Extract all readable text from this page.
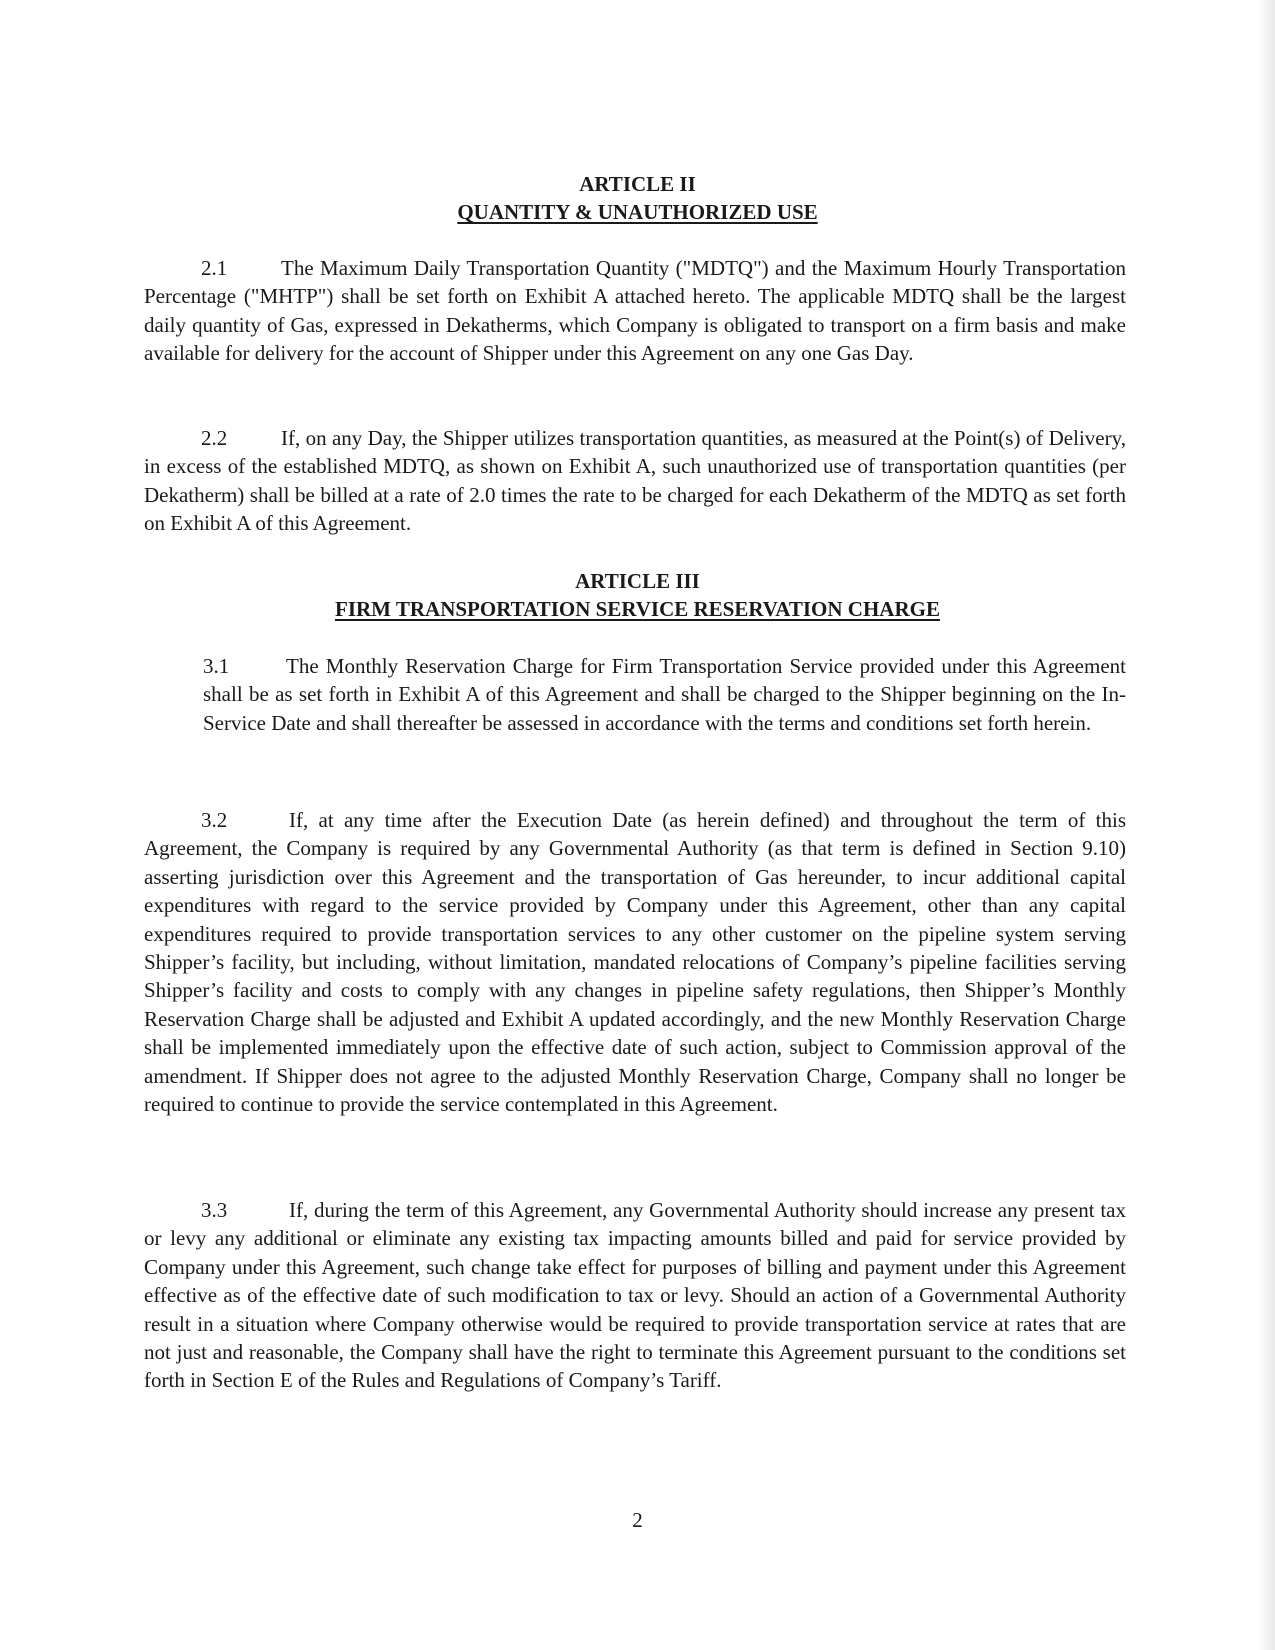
ARTICLE II
QUANTITY & UNAUTHORIZED USE

2.1	The Maximum Daily Transportation Quantity ("MDTQ") and the Maximum Hourly Transportation Percentage ("MHTP") shall be set forth on Exhibit A attached hereto. The applicable MDTQ shall be the largest daily quantity of Gas, expressed in Dekatherms, which Company is obligated to transport on a firm basis and make available for delivery for the account of Shipper under this Agreement on any one Gas Day.

2.2	If, on any Day, the Shipper utilizes transportation quantities, as measured at the Point(s) of Delivery, in excess of the established MDTQ, as shown on Exhibit A, such unauthorized use of transportation quantities (per Dekatherm) shall be billed at a rate of 2.0 times the rate to be charged for each Dekatherm of the MDTQ as set forth on Exhibit A of this Agreement.

ARTICLE III
FIRM TRANSPORTATION SERVICE RESERVATION CHARGE

3.1	The Monthly Reservation Charge for Firm Transportation Service provided under this Agreement shall be as set forth in Exhibit A of this Agreement and shall be charged to the Shipper beginning on the In-Service Date and shall thereafter be assessed in accordance with the terms and conditions set forth herein.

3.2	If, at any time after the Execution Date (as herein defined) and throughout the term of this Agreement, the Company is required by any Governmental Authority (as that term is defined in Section 9.10) asserting jurisdiction over this Agreement and the transportation of Gas hereunder, to incur additional capital expenditures with regard to the service provided by Company under this Agreement, other than any capital expenditures required to provide transportation services to any other customer on the pipeline system serving Shipper’s facility, but including, without limitation, mandated relocations of Company’s pipeline facilities serving Shipper’s facility and costs to comply with any changes in pipeline safety regulations, then Shipper’s Monthly Reservation Charge shall be adjusted and Exhibit A updated accordingly, and the new Monthly Reservation Charge shall be implemented immediately upon the effective date of such action, subject to Commission approval of the amendment. If Shipper does not agree to the adjusted Monthly Reservation Charge, Company shall no longer be required to continue to provide the service contemplated in this Agreement.

3.3	If, during the term of this Agreement, any Governmental Authority should increase any present tax or levy any additional or eliminate any existing tax impacting amounts billed and paid for service provided by Company under this Agreement, such change take effect for purposes of billing and payment under this Agreement effective as of the effective date of such modification to tax or levy. Should an action of a Governmental Authority result in a situation where Company otherwise would be required to provide transportation service at rates that are not just and reasonable, the Company shall have the right to terminate this Agreement pursuant to the conditions set forth in Section E of the Rules and Regulations of Company’s Tariff.

2
